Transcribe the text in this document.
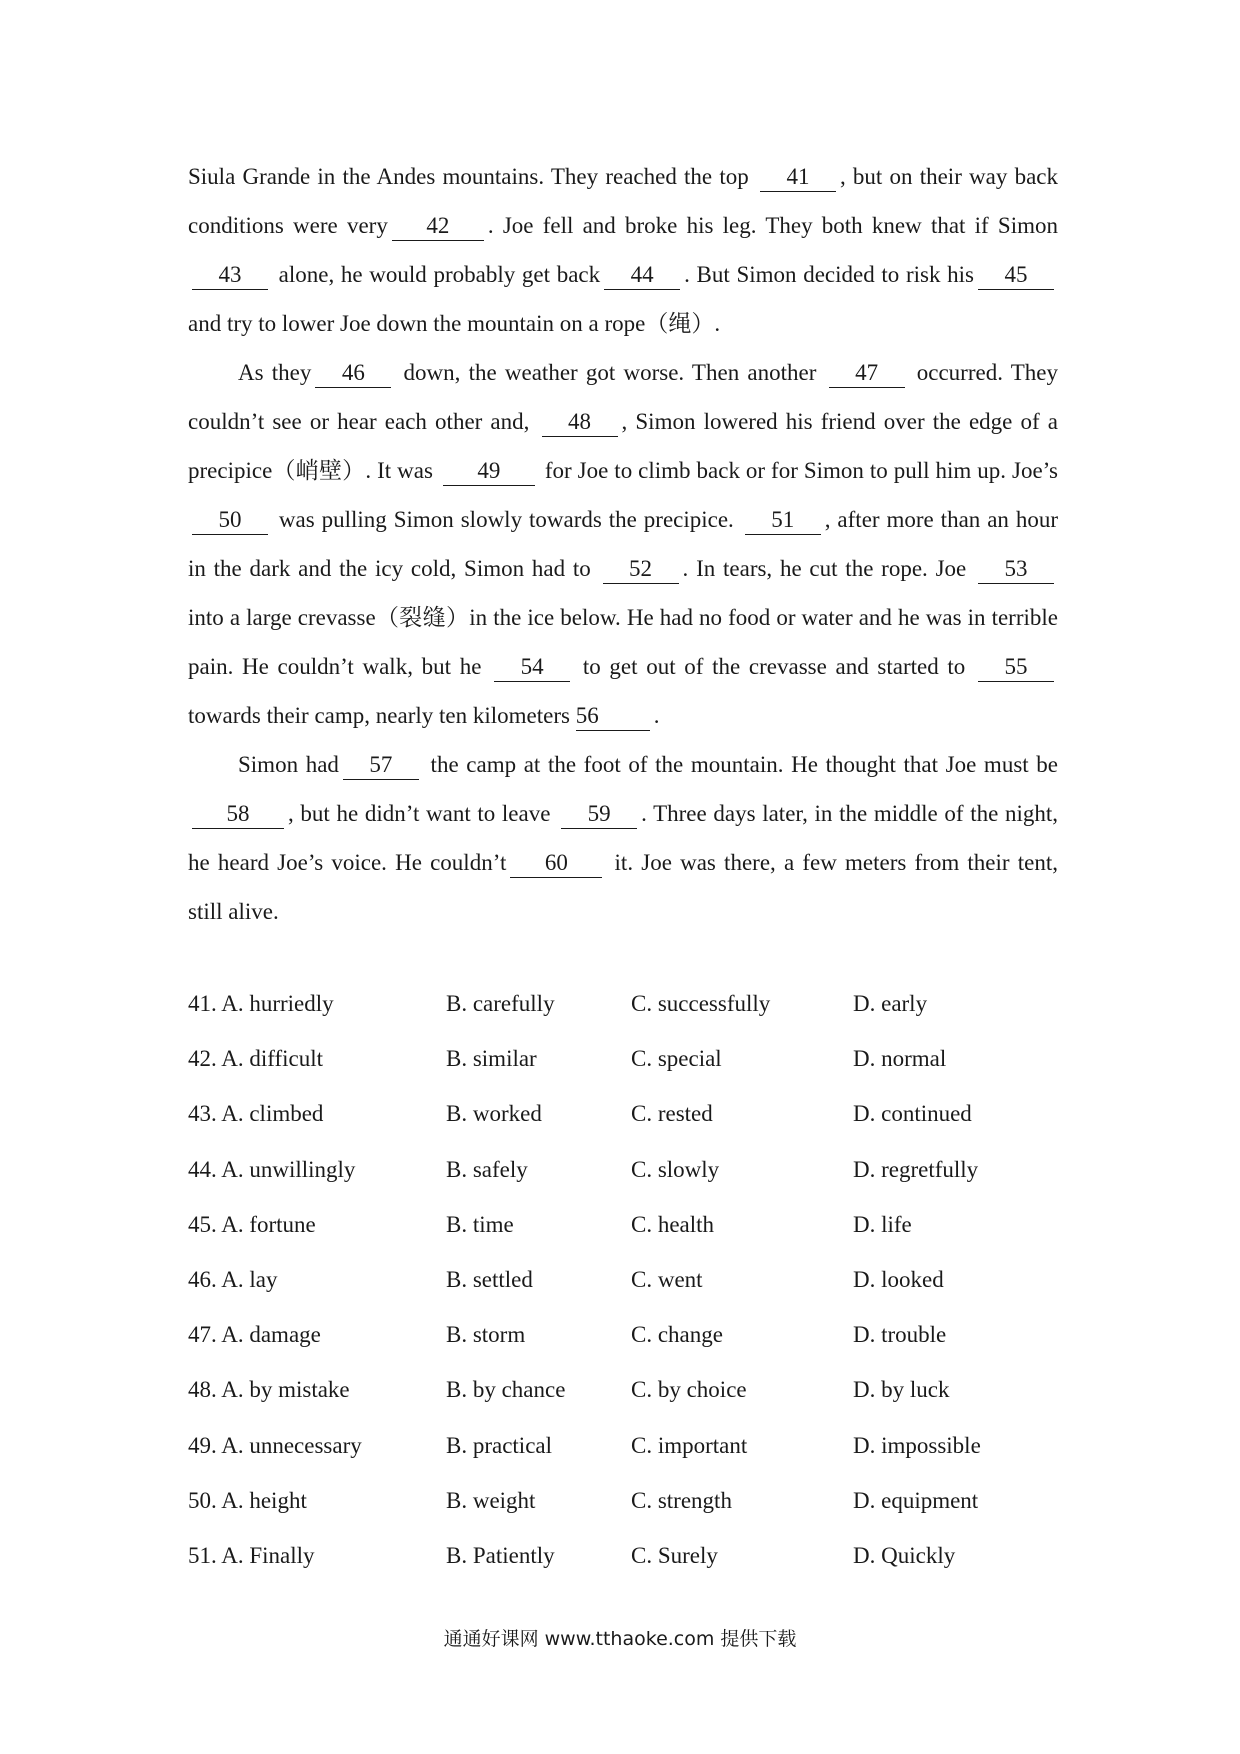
Siula Grande in the Andes mountains. They reached the top 41 , but on their way back conditions were very 42 . Joe fell and broke his leg. They both knew that if Simon 43 alone, he would probably get back 44 . But Simon decided to risk his 45 and try to lower Joe down the mountain on a rope（绳）.

As they 46 down, the weather got worse. Then another 47 occurred. They couldn’t see or hear each other and, 48 , Simon lowered his friend over the edge of a precipice（峭壁）. It was 49 for Joe to climb back or for Simon to pull him up. Joe’s50 was pulling Simon slowly towards the precipice. 51 , after more than an hour in the dark and the icy cold, Simon had to 52 . In tears, he cut the rope. Joe 53 into a large crevasse（裂缝）in the ice below. He had no food or water and he was in terrible pain. He couldn’t walk, but he 54 to get out of the crevasse and started to 55 towards their camp, nearly ten kilometers 56 .

Simon had 57 the camp at the foot of the mountain. He thought that Joe must be58 , but he didn’t want to leave 59 . Three days later, in the middle of the night, he heard Joe’s voice. He couldn’t 60 it. Joe was there, a few meters from their tent, still alive.

41. A. hurriedly	B. carefully	C. successfully	D. early
42. A. difficult	B. similar	C. special	D. normal
43. A. climbed	B. worked	C. rested	D. continued
44. A. unwillingly	B. safely	C. slowly	D. regretfully
45. A. fortune	B. time	C. health	D. life
46. A. lay	B. settled	C. went	D. looked
47. A. damage	B. storm	C. change	D. trouble
48. A. by mistake	B. by chance	C. by choice	D. by luck
49. A. unnecessary	B. practical	C. important	D. impossible
50. A. height	B. weight	C. strength	D. equipment
51. A. Finally	B. Patiently	C. Surely	D. Quickly
通通好课网 www.tthaoke.com 提供下载
